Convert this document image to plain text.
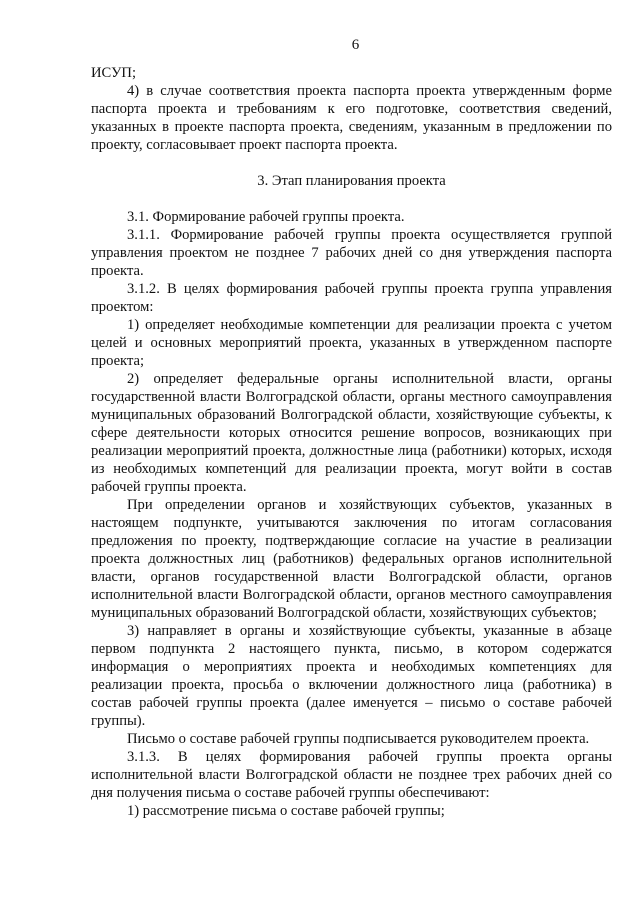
6

ИСУП;

4) в случае соответствия проекта паспорта проекта утвержденным форме паспорта проекта и требованиям к его подготовке, соответствия сведений, указанных в проекте паспорта проекта, сведениям, указанным в предложении по проекту, согласовывает проект паспорта проекта.

3. Этап планирования проекта

3.1. Формирование рабочей группы проекта.

3.1.1. Формирование рабочей группы проекта осуществляется группой управления проектом не позднее 7 рабочих дней со дня утверждения паспорта проекта.

3.1.2. В целях формирования рабочей группы проекта группа управления проектом:

1) определяет необходимые компетенции для реализации проекта с учетом целей и основных мероприятий проекта, указанных в утвержденном паспорте проекта;

2) определяет федеральные органы исполнительной власти, органы государственной власти Волгоградской области, органы местного самоуправления муниципальных образований Волгоградской области, хозяйствующие субъекты, к сфере деятельности которых относится решение вопросов, возникающих при реализации мероприятий проекта, должностные лица (работники) которых, исходя из необходимых компетенций для реализации проекта, могут войти в состав рабочей группы проекта.

При определении органов и хозяйствующих субъектов, указанных в настоящем подпункте, учитываются заключения по итогам согласования предложения по проекту, подтверждающие согласие на участие в реализации проекта должностных лиц (работников) федеральных органов исполнительной власти, органов государственной власти Волгоградской области, органов исполнительной власти Волгоградской области, органов местного самоуправления муниципальных образований Волгоградской области, хозяйствующих субъектов;

3) направляет в органы и хозяйствующие субъекты, указанные в абзаце первом подпункта 2 настоящего пункта, письмо, в котором содержатся информация о мероприятиях проекта и необходимых компетенциях для реализации проекта, просьба о включении должностного лица (работника) в состав рабочей группы проекта (далее именуется – письмо о составе рабочей группы).

Письмо о составе рабочей группы подписывается руководителем проекта.

3.1.3. В целях формирования рабочей группы проекта органы исполнительной власти Волгоградской области не позднее трех рабочих дней со дня получения письма о составе рабочей группы обеспечивают:

1) рассмотрение письма о составе рабочей группы;
